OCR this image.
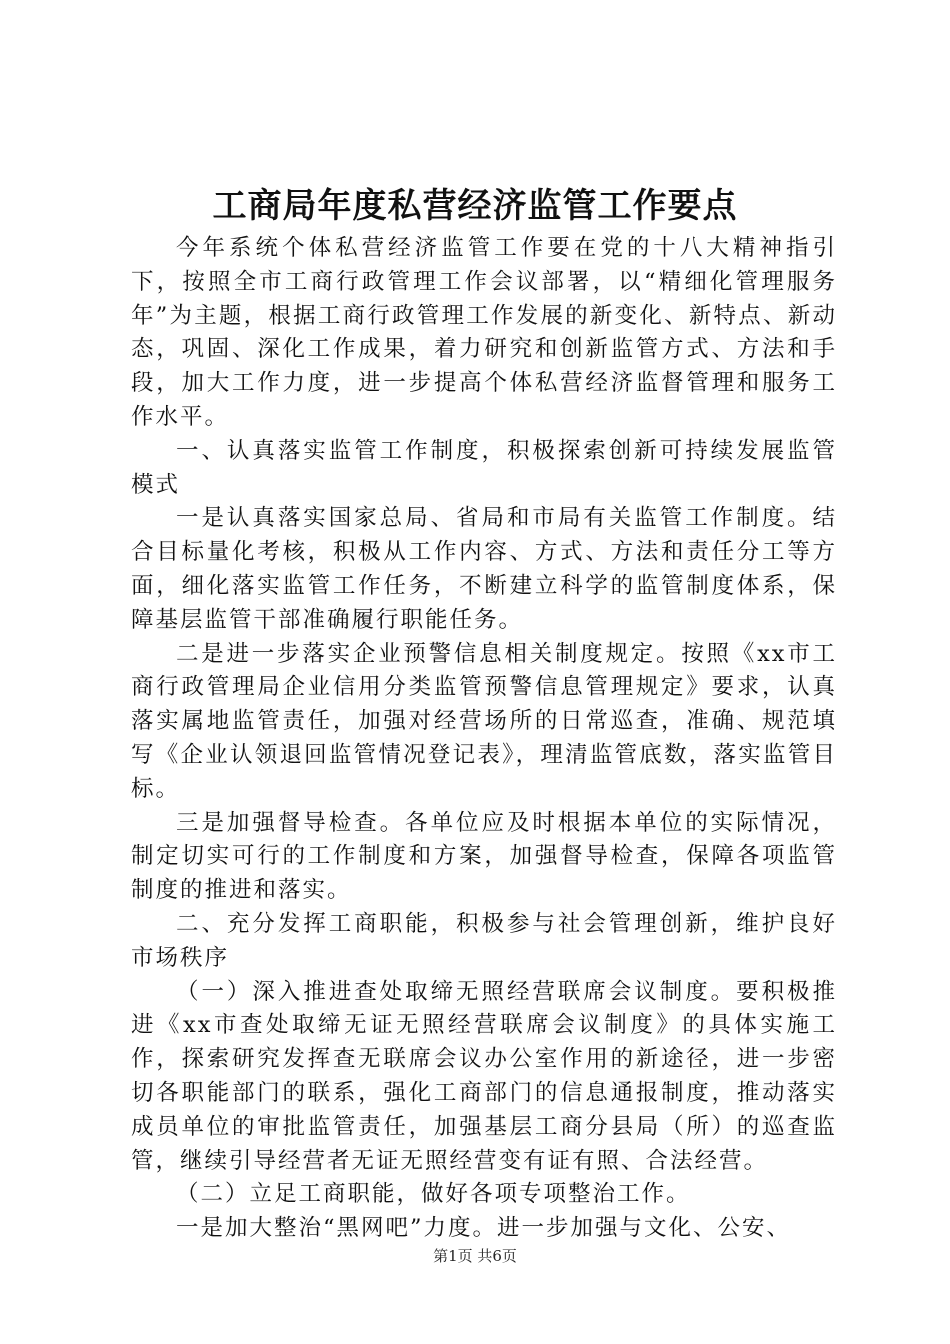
工商局年度私营经济监管工作要点

今年系统个体私营经济监管工作要在党的十八大精神指引下，按照全市工商行政管理工作会议部署，以“精细化管理服务年”为主题，根据工商行政管理工作发展的新变化、新特点、新动态，巩固、深化工作成果，着力研究和创新监管方式、方法和手段，加大工作力度，进一步提高个体私营经济监督管理和服务工作水平。

一、认真落实监管工作制度，积极探索创新可持续发展监管模式

一是认真落实国家总局、省局和市局有关监管工作制度。结合目标量化考核，积极从工作内容、方式、方法和责任分工等方面，细化落实监管工作任务，不断建立科学的监管制度体系，保障基层监管干部准确履行职能任务。

二是进一步落实企业预警信息相关制度规定。按照《xx市工商行政管理局企业信用分类监管预警信息管理规定》要求，认真落实属地监管责任，加强对经营场所的日常巡查，准确、规范填写《企业认领退回监管情况登记表》，理清监管底数，落实监管目标。

三是加强督导检查。各单位应及时根据本单位的实际情况，制定切实可行的工作制度和方案，加强督导检查，保障各项监管制度的推进和落实。

二、充分发挥工商职能，积极参与社会管理创新，维护良好市场秩序

（一）深入推进查处取缔无照经营联席会议制度。要积极推进《xx市查处取缔无证无照经营联席会议制度》的具体实施工作，探索研究发挥查无联席会议办公室作用的新途径，进一步密切各职能部门的联系，强化工商部门的信息通报制度，推动落实成员单位的审批监管责任，加强基层工商分县局（所）的巡查监管，继续引导经营者无证无照经营变有证有照、合法经营。

（二）立足工商职能，做好各项专项整治工作。

一是加大整治“黑网吧”力度。进一步加强与文化、公安、

第1页 共6页
